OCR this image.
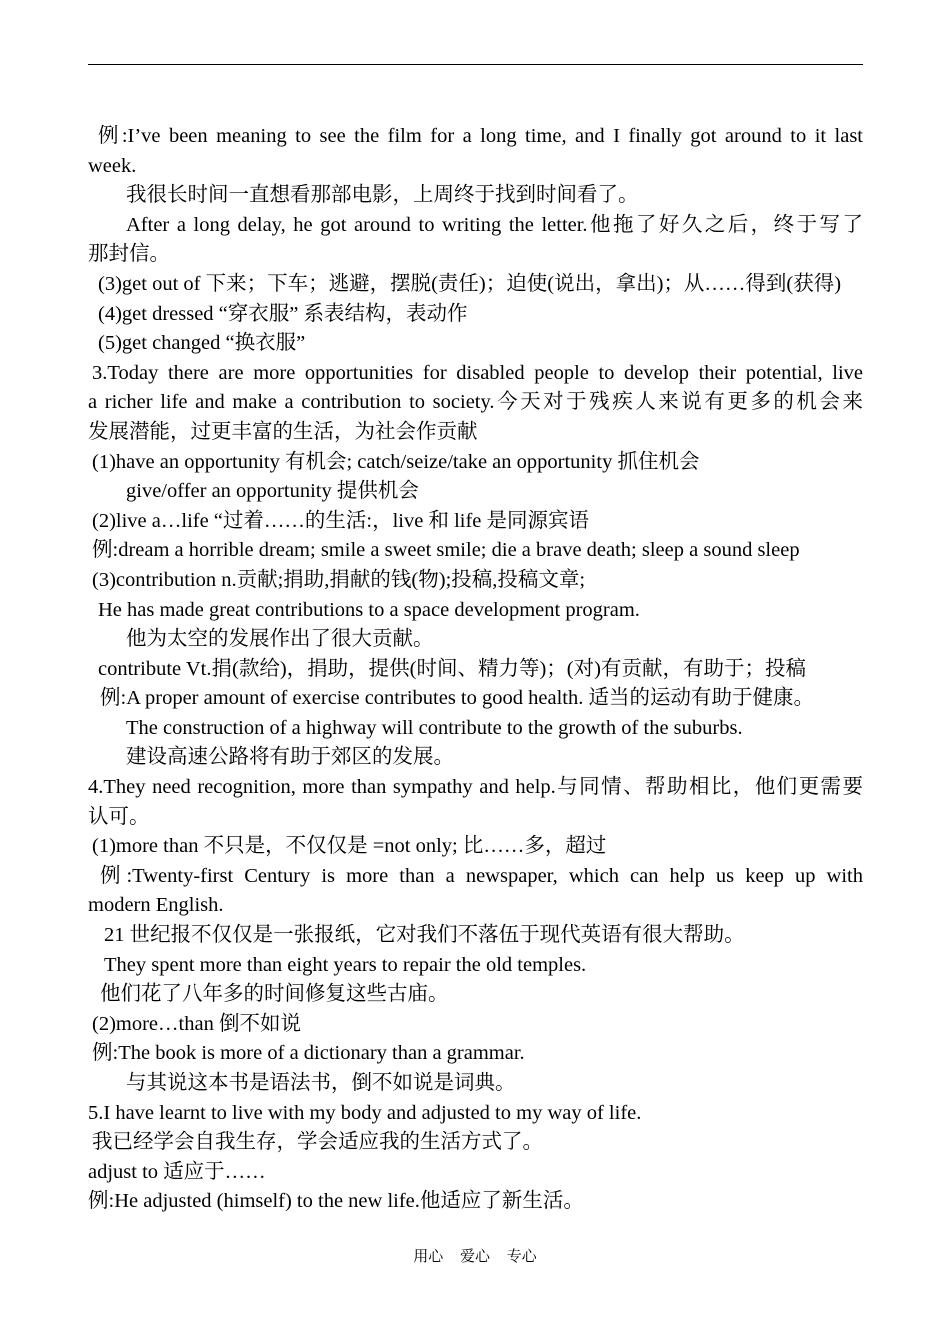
例:I’ve been meaning to see the film for a long time, and I finally got around to it last
week.
我很长时间一直想看那部电影，上周终于找到时间看了。
After a long delay, he got around to writing the letter.他拖了好久之后，终于写了
那封信。
(3)get out of 下来；下车；逃避，摆脱(责任)；迫使(说出，拿出)；从……得到(获得)
(4)get dressed “穿衣服” 系表结构，表动作
(5)get changed “换衣服”
3.Today there are more opportunities for disabled people to develop their potential, live
a richer life and make a contribution to society.今天对于残疾人来说有更多的机会来
发展潜能，过更丰富的生活，为社会作贡献
(1)have an opportunity 有机会; catch/seize/take an opportunity 抓住机会
give/offer an opportunity 提供机会
(2)live a…life “过着……的生活:，live 和 life 是同源宾语
例:dream a horrible dream; smile a sweet smile; die a brave death; sleep a sound sleep
(3)contribution n.贡献;捐助,捐献的钱(物);投稿,投稿文章;
He has made great contributions to a space development program.
他为太空的发展作出了很大贡献。
contribute Vt.捐(款给)，捐助，提供(时间、精力等)；(对)有贡献，有助于；投稿
例:A proper amount of exercise contributes to good health. 适当的运动有助于健康。
The construction of a highway will contribute to the growth of the suburbs.
建设高速公路将有助于郊区的发展。
4.They need recognition, more than sympathy and help.与同情、帮助相比，他们更需要
认可。
(1)more than 不只是，不仅仅是 =not only; 比……多，超过
例:Twenty-first Century is more than a newspaper, which can help us keep up with
modern English.
21 世纪报不仅仅是一张报纸，它对我们不落伍于现代英语有很大帮助。
They spent more than eight years to repair the old temples.
他们花了八年多的时间修复这些古庙。
(2)more…than 倒不如说
例:The book is more of a dictionary than a grammar.
与其说这本书是语法书，倒不如说是词典。
5.I have learnt to live with my body and adjusted to my way of life.
我已经学会自我生存，学会适应我的生活方式了。
adjust to 适应于……
例:He adjusted (himself) to the new life.他适应了新生活。
用心 爱心 专心
